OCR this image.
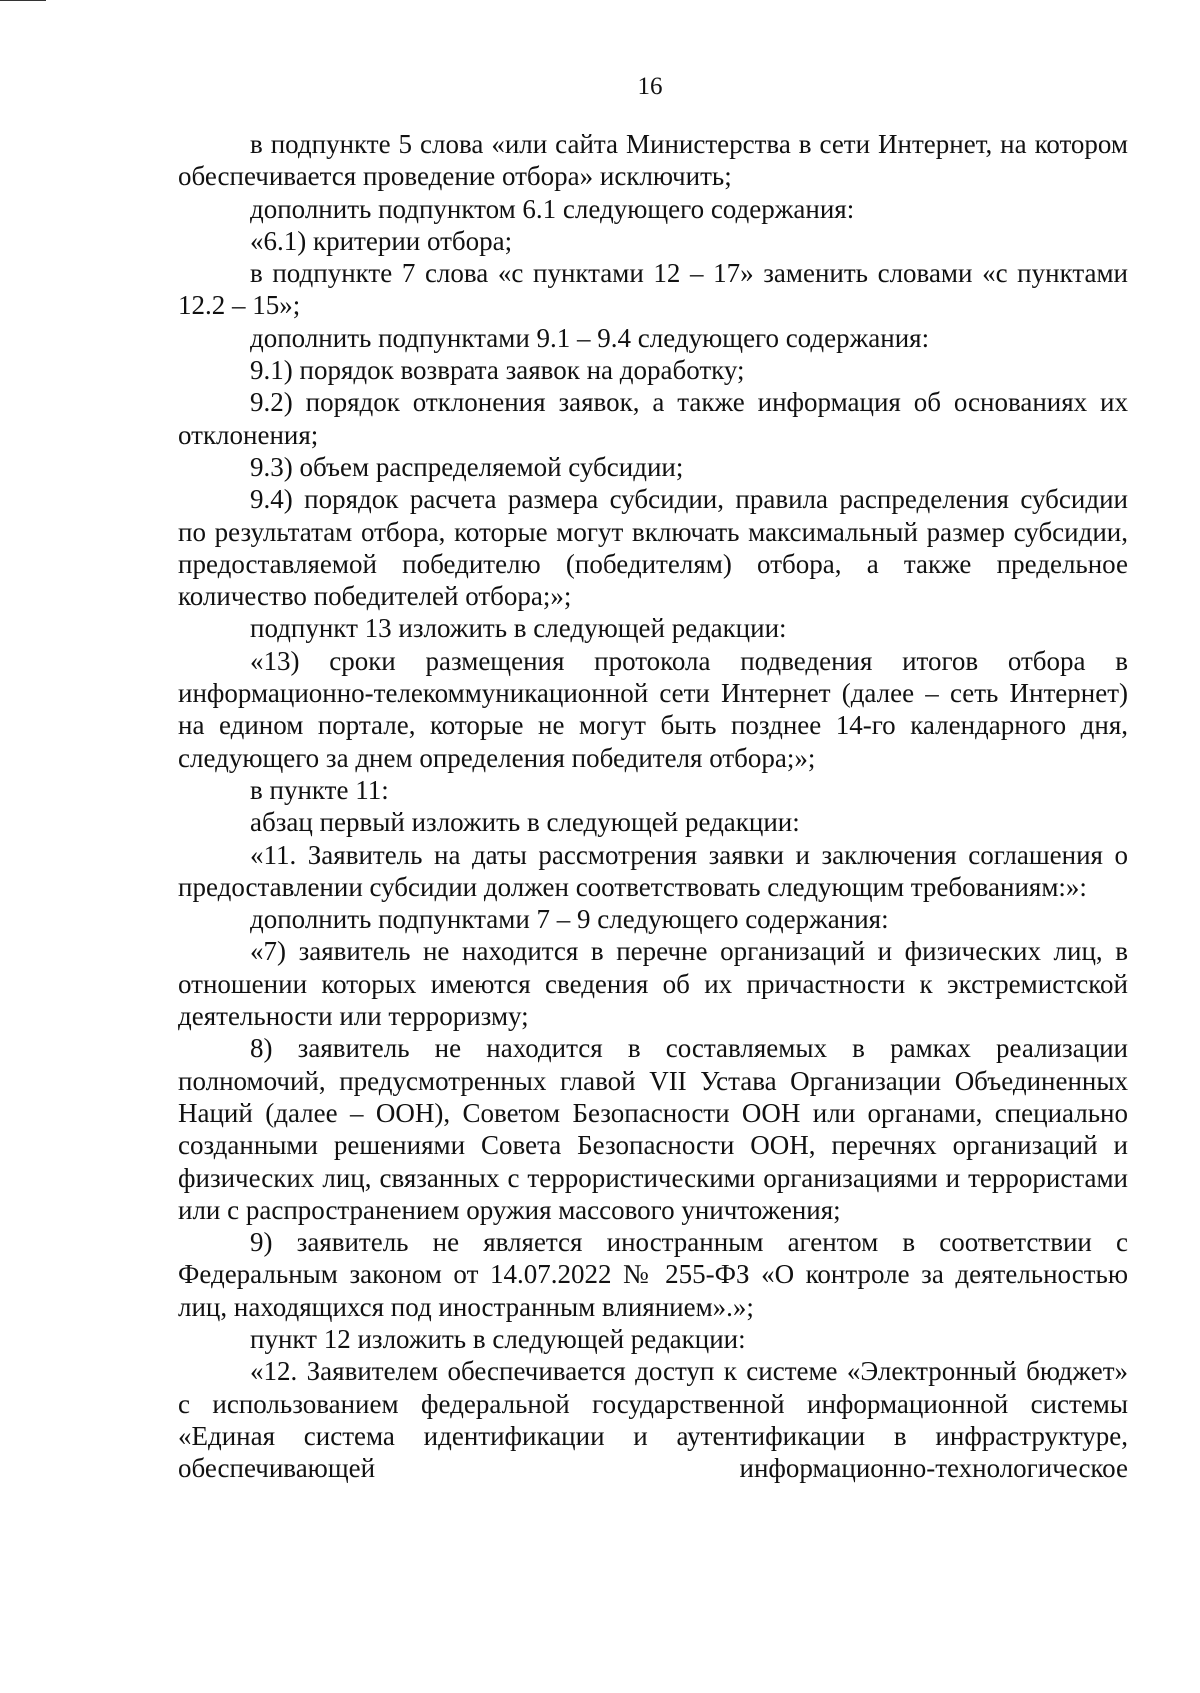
16

в подпункте 5 слова «или сайта Министерства в сети Интернет, на котором обеспечивается проведение отбора» исключить;

дополнить подпунктом 6.1 следующего содержания:

«6.1) критерии отбора;

в подпункте 7 слова «с пунктами 12 – 17» заменить словами «с пунктами 12.2 – 15»;

дополнить подпунктами 9.1 – 9.4 следующего содержания:

9.1) порядок возврата заявок на доработку;

9.2) порядок отклонения заявок, а также информация об основаниях их отклонения;

9.3) объем распределяемой субсидии;

9.4) порядок расчета размера субсидии, правила распределения субсидии по результатам отбора, которые могут включать максимальный размер субсидии, предоставляемой победителю (победителям) отбора, а также предельное количество победителей отбора;»;

подпункт 13 изложить в следующей редакции:

«13) сроки размещения протокола подведения итогов отбора в информационно-телекоммуникационной сети Интернет (далее – сеть Интернет) на едином портале, которые не могут быть позднее 14-го календарного дня, следующего за днем определения победителя отбора;»;

в пункте 11:

абзац первый изложить в следующей редакции:

«11. Заявитель на даты рассмотрения заявки и заключения соглашения о предоставлении субсидии должен соответствовать следующим требованиям:»:

дополнить подпунктами 7 – 9 следующего содержания:

«7) заявитель не находится в перечне организаций и физических лиц, в отношении которых имеются сведения об их причастности к экстремистской деятельности или терроризму;

8) заявитель не находится в составляемых в рамках реализации полномочий, предусмотренных главой VII Устава Организации Объединенных Наций (далее – ООН), Советом Безопасности ООН или органами, специально созданными решениями Совета Безопасности ООН, перечнях организаций и физических лиц, связанных с террористическими организациями и террористами или с распространением оружия массового уничтожения;

9) заявитель не является иностранным агентом в соответствии с Федеральным законом от 14.07.2022 № 255-ФЗ «О контроле за деятельностью лиц, находящихся под иностранным влиянием».»;

пункт 12 изложить в следующей редакции:

«12. Заявителем обеспечивается доступ к системе «Электронный бюджет» с использованием федеральной государственной информационной системы «Единая система идентификации и аутентификации в инфраструктуре, обеспечивающей информационно-технологическое
